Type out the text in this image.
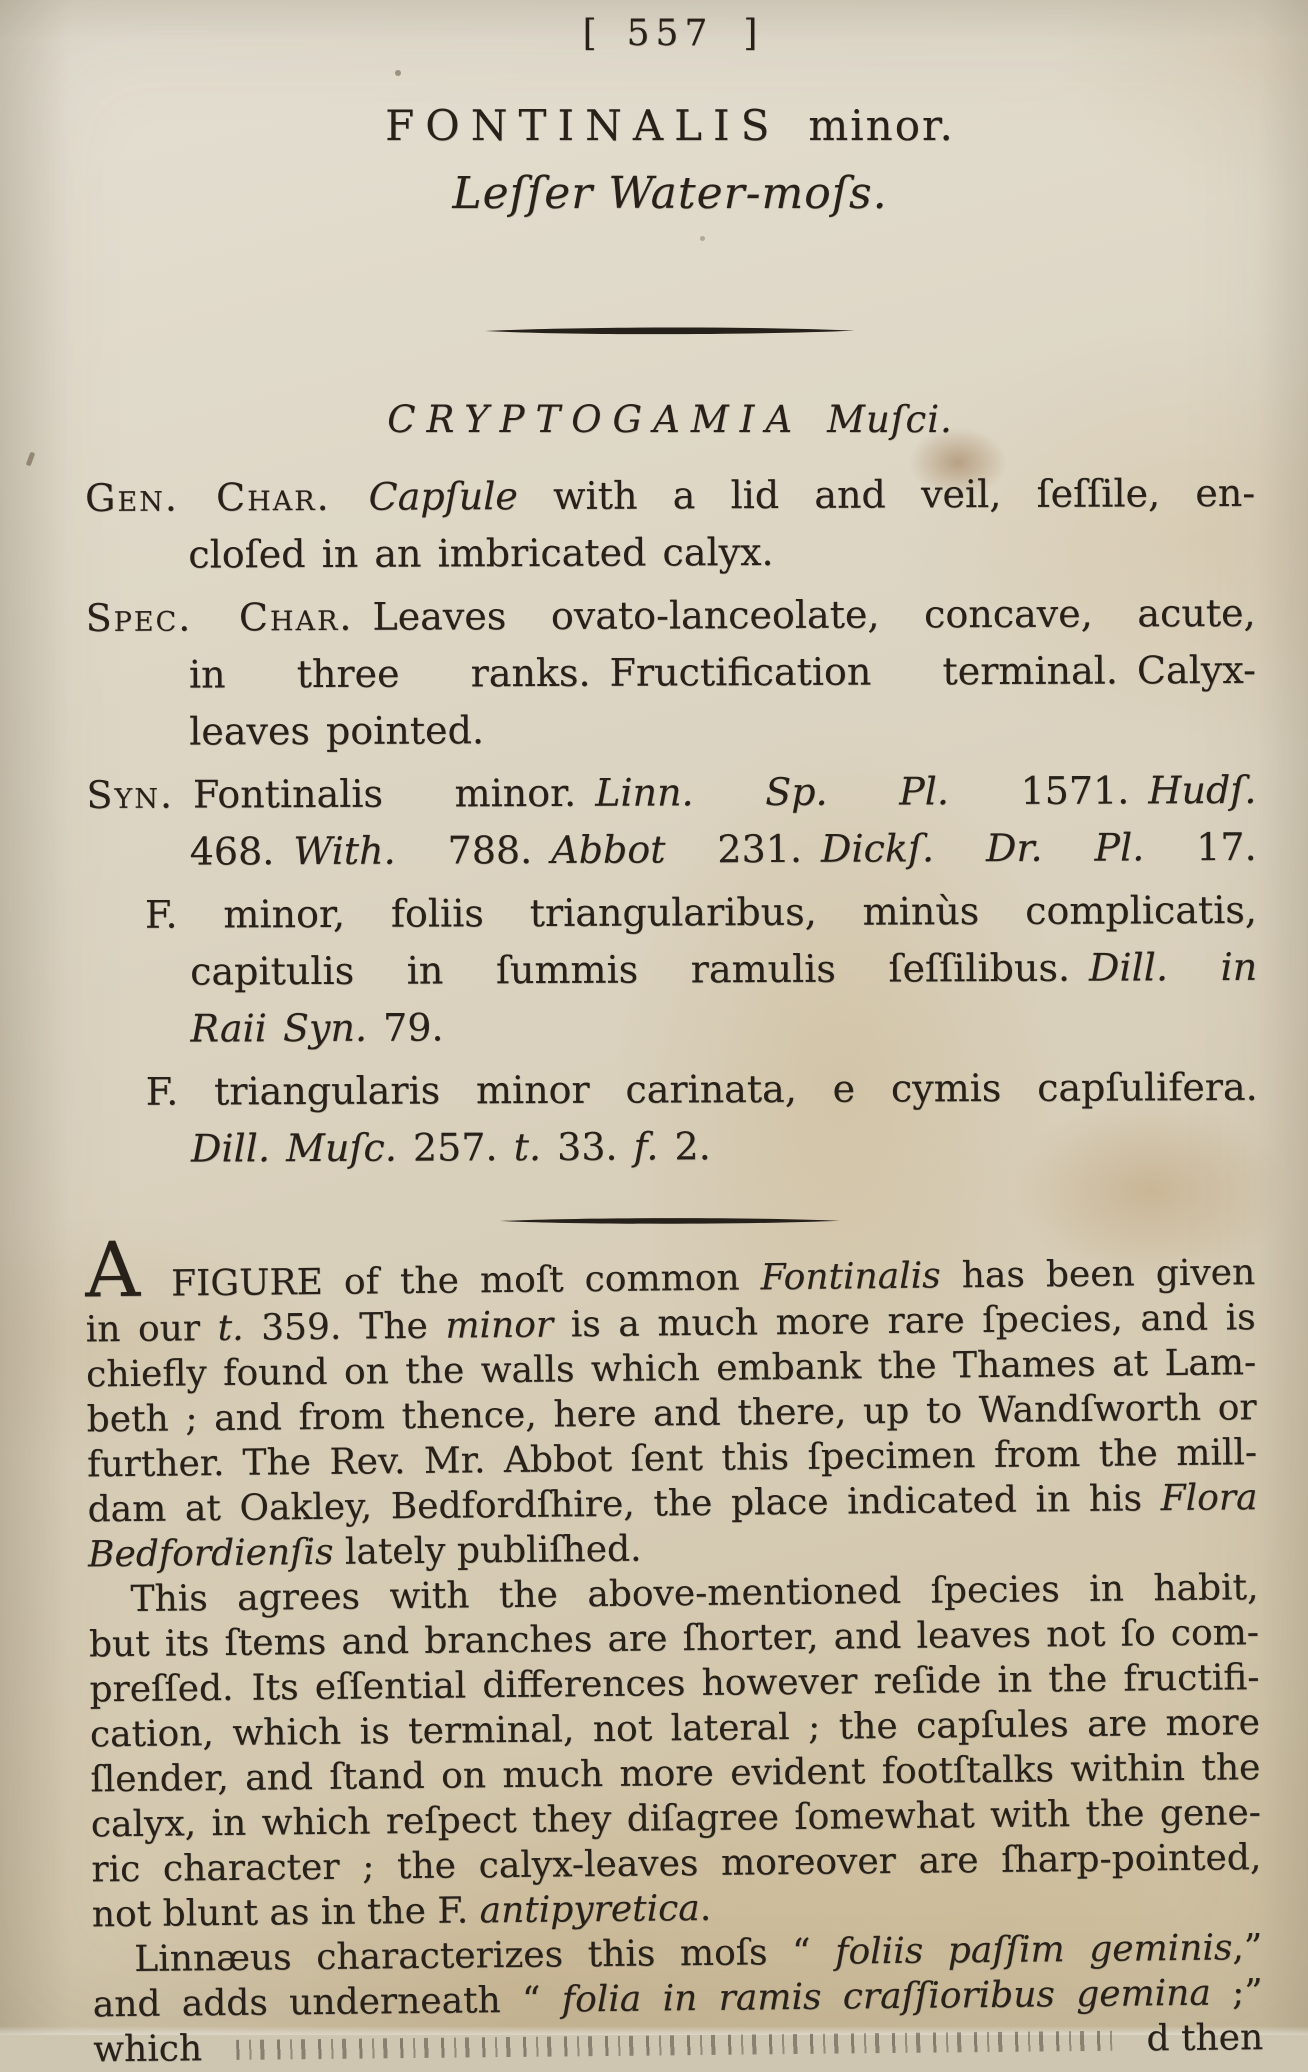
[ 557 ]
FONTINALIS minor.
Leſſer Water-moſs.
CRYPTOGAMIA Muſci.
Gen. Char.  Capſule with a lid and veil, ſeſſile, en-
cloſed in an imbricated calyx.
Spec. Char. Leaves ovato-lanceolate, concave, acute,
in three ranks. Fructification terminal. Calyx-
leaves pointed.
Syn. Fontinalis minor. Linn. Sp. Pl. 1571. Hudſ.
468. With. 788. Abbot 231. Dickſ. Dr. Pl. 17.
F. minor, foliis triangularibus, minùs complicatis,
capitulis in ſummis ramulis ſeſſilibus. Dill. in
Raii Syn. 79.
F. triangularis minor carinata, e cymis capſulifera.
Dill. Muſc. 257. t. 33. f. 2.
A FIGURE of the moſt common Fontinalis has been given
in our t. 359. The minor is a much more rare ſpecies, and is
chiefly found on the walls which embank the Thames at Lam-
beth ; and from thence, here and there, up to Wandſworth or
further. The Rev. Mr. Abbot ſent this ſpecimen from the mill-
dam at Oakley, Bedfordſhire, the place indicated in his Flora
Bedfordienſis lately publiſhed.
This agrees with the above-mentioned ſpecies in habit,
but its ſtems and branches are ſhorter, and leaves not ſo com-
preſſed. Its eſſential differences however reſide in the fructifi-
cation, which is terminal, not lateral ; the capſules are more
ſlender, and ſtand on much more evident footſtalks within the
calyx, in which reſpect they diſagree ſomewhat with the gene-
ric character ; the calyx-leaves moreover are ſharp-pointed,
not blunt as in the F. antipyretica.
Linnæus characterizes this moſs “ foliis paſſim geminis,”
and adds underneath “ folia in ramis craſſioribus gemina ;”
which	d then
